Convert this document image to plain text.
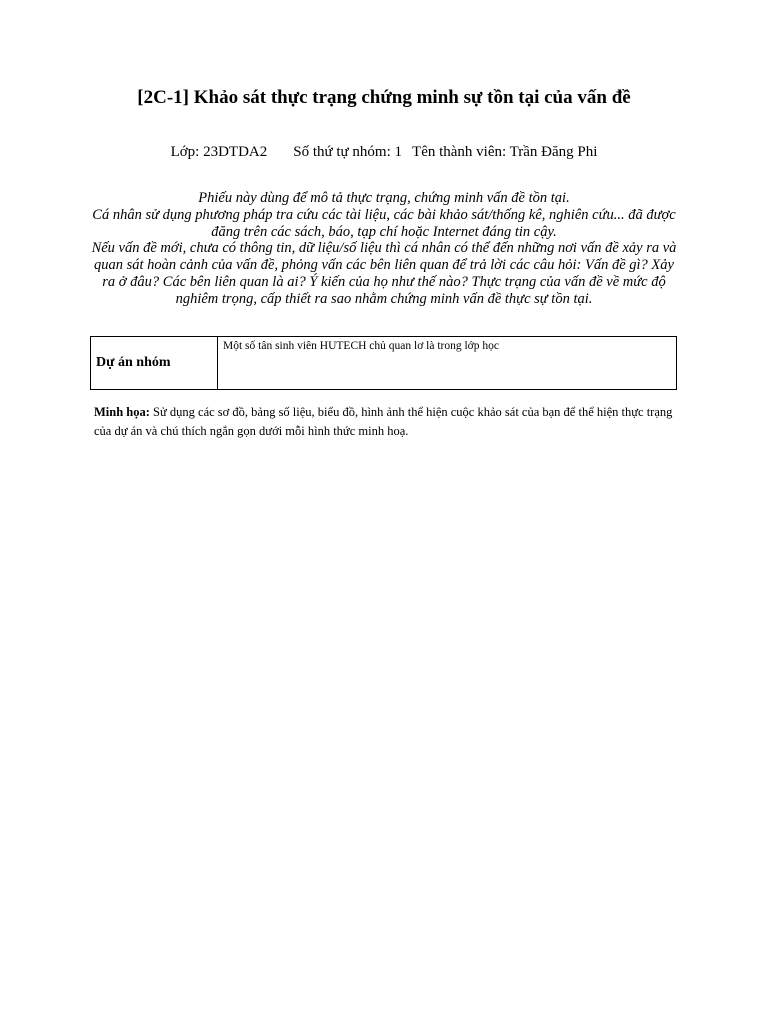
[2C-1] Khảo sát thực trạng chứng minh sự tồn tại của vấn đề
Lớp: 23DTDA2 Số thứ tự nhóm: 1 Tên thành viên: Trần Đăng Phi

Phiếu này dùng để mô tả thực trạng, chứng minh vấn đề tồn tại.

Cá nhân sử dụng phương pháp tra cứu các tài liệu, các bài khảo sát/thống kê, nghiên cứu... đã được đăng trên các sách, báo, tạp chí hoặc Internet đáng tin cậy.

Nếu vấn đề mới, chưa có thông tin, dữ liệu/số liệu thì cá nhân có thể đến những nơi vấn đề xảy ra và quan sát hoàn cảnh của vấn đề, phỏng vấn các bên liên quan để trả lời các câu hỏi: Vấn đề gì? Xảy ra ở đâu? Các bên liên quan là ai? Ý kiến của họ như thế nào? Thực trạng của vấn đề về mức độ nghiêm trọng, cấp thiết ra sao nhằm chứng minh vấn đề thực sự tồn tại.

Dự án nhóm	Một số tân sinh viên HUTECH chủ quan lơ là trong lớp học
Minh họa: Sử dụng các sơ đồ, bảng số liệu, biểu đồ, hình ảnh thể hiện cuộc khảo sát của bạn để thể hiện thực trạng của dự án và chú thích ngắn gọn dưới mỗi hình thức minh hoạ.
